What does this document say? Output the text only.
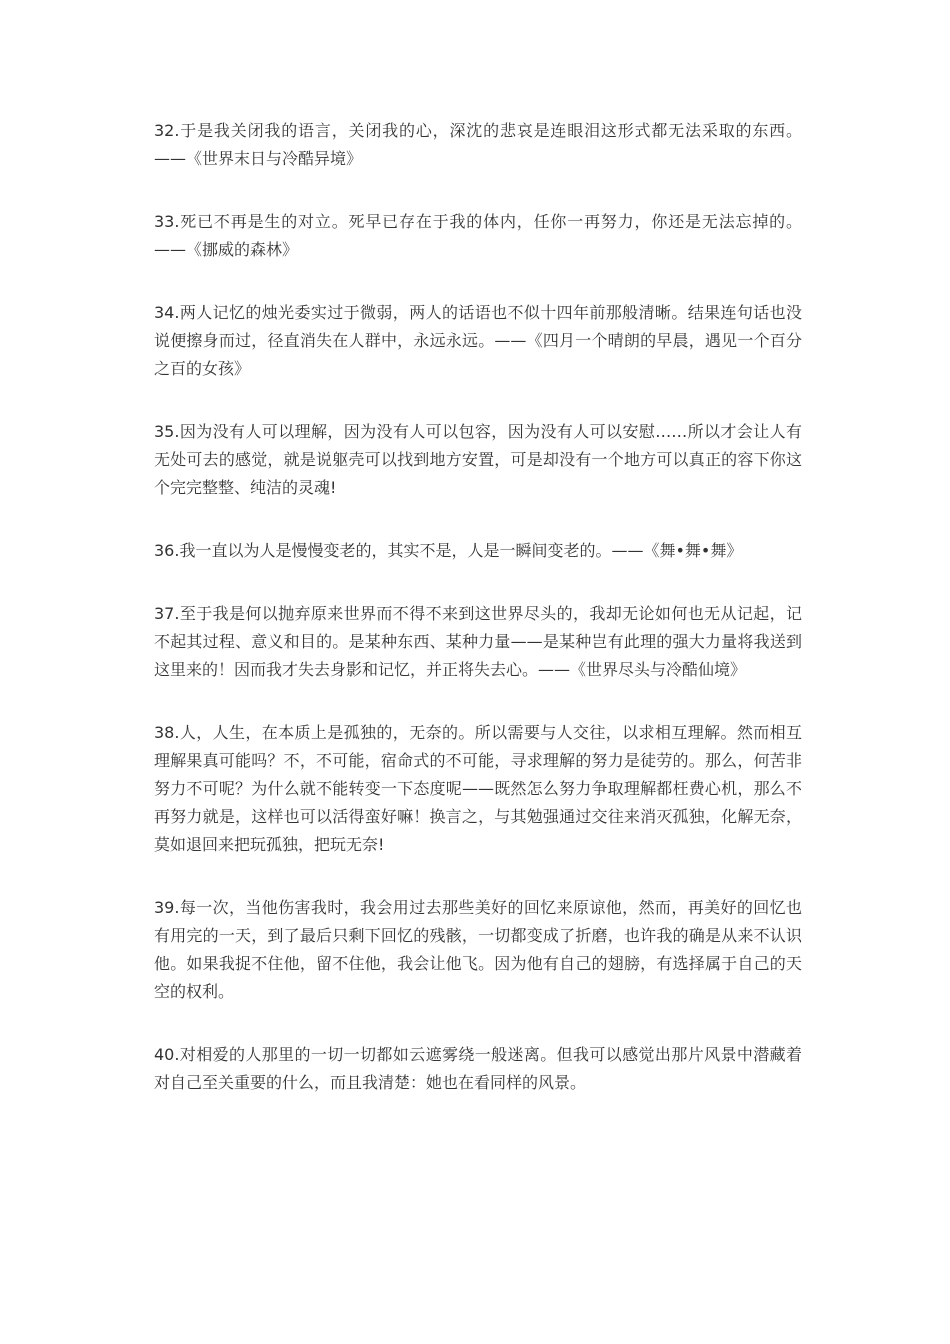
32.于是我关闭我的语言，关闭我的心，深沈的悲哀是连眼泪这形式都无法采取的东西。——《世界末日与冷酷异境》

33.死已不再是生的对立。死早已存在于我的体内，任你一再努力，你还是无法忘掉的。——《挪威的森林》

34.两人记忆的烛光委实过于微弱，两人的话语也不似十四年前那般清晰。结果连句话也没说便擦身而过，径直消失在人群中，永远永远。——《四月一个晴朗的早晨，遇见一个百分之百的女孩》

35.因为没有人可以理解，因为没有人可以包容，因为没有人可以安慰……所以才会让人有无处可去的感觉，就是说躯壳可以找到地方安置，可是却没有一个地方可以真正的容下你这个完完整整、纯洁的灵魂!

36.我一直以为人是慢慢变老的，其实不是，人是一瞬间变老的。——《舞•舞•舞》

37.至于我是何以抛弃原来世界而不得不来到这世界尽头的，我却无论如何也无从记起，记不起其过程、意义和目的。是某种东西、某种力量——是某种岂有此理的强大力量将我送到这里来的！因而我才失去身影和记忆，并正将失去心。——《世界尽头与冷酷仙境》

38.人，人生，在本质上是孤独的，无奈的。所以需要与人交往，以求相互理解。然而相互理解果真可能吗？不，不可能，宿命式的不可能，寻求理解的努力是徒劳的。那么，何苦非努力不可呢？为什么就不能转变一下态度呢——既然怎么努力争取理解都枉费心机，那么不再努力就是，这样也可以活得蛮好嘛！换言之，与其勉强通过交往来消灭孤独，化解无奈，莫如退回来把玩孤独，把玩无奈!

39.每一次，当他伤害我时，我会用过去那些美好的回忆来原谅他，然而，再美好的回忆也有用完的一天，到了最后只剩下回忆的残骸，一切都变成了折磨，也许我的确是从来不认识他。如果我捉不住他，留不住他，我会让他飞。因为他有自己的翅膀，有选择属于自己的天空的权利。

40.对相爱的人那里的一切一切都如云遮雾绕一般迷离。但我可以感觉出那片风景中潜藏着对自己至关重要的什么，而且我清楚：她也在看同样的风景。
